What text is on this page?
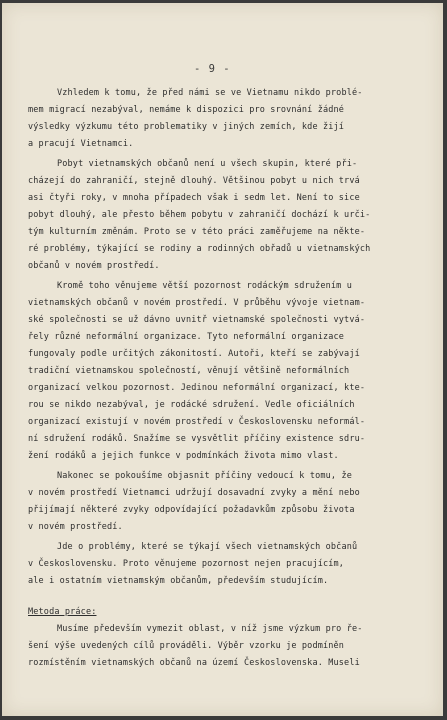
- 9 -
Vzhledem k tomu, že před námi se ve Vietnamu nikdo problé-
mem migrací nezabýval, nemáme k dispozici pro srovnání žádné
výsledky výzkumu této problematiky v jiných zemích, kde žijí
a pracují Vietnamci.
Pobyt vietnamských občanů není u všech skupin, které při-
cházejí do zahraničí, stejně dlouhý. Většinou pobyt u nich trvá
asi čtyři roky, v mnoha případech však i sedm let. Není to sice
pobyt dlouhý, ale přesto během pobytu v zahraničí dochází k urči-
tým kulturním změnám. Proto se v této práci zaměřujeme na někte-
ré problémy, týkající se rodiny a rodinných obřadů u vietnamských
občanů v novém prostředí.
Kromě toho věnujeme větší pozornost rodáckým sdružením u
vietnamských občanů v novém prostředí. V průběhu vývoje vietnam-
ské společnosti se už dávno uvnitř vietnamské společnosti vytvá-
řely různé neformální organizace. Tyto neformální organizace
fungovaly podle určitých zákonitostí. Autoři, kteří se zabývají
tradiční vietnamskou společností, věnují většině neformálních
organizací velkou pozornost. Jedinou neformální organizací, kte-
rou se nikdo nezabýval, je rodácké sdružení. Vedle oficiálních
organizací existují v novém prostředí v Československu neformál-
ní sdružení rodáků. Snažíme se vysvětlit příčiny existence sdru-
žení rodáků a jejich funkce v podmínkách života mimo vlast.
Nakonec se pokoušíme objasnit příčiny vedoucí k tomu, že
v novém prostředí Vietnamci udržují dosavadní zvyky a mění nebo
přijímají některé zvyky odpovídající požadavkům způsobu života
v novém prostředí.
Jde o problémy, které se týkají všech vietnamských občanů
v Československu. Proto věnujeme pozornost nejen pracujícím,
ale i ostatním vietnamským občanům, především studujícím.
Metoda práce:
Musíme především vymezit oblast, v níž jsme výzkum pro ře-
šení výše uvedených cílů prováděli. Výběr vzorku je podmíněn
rozmístěním vietnamských občanů na území Československa. Museli
